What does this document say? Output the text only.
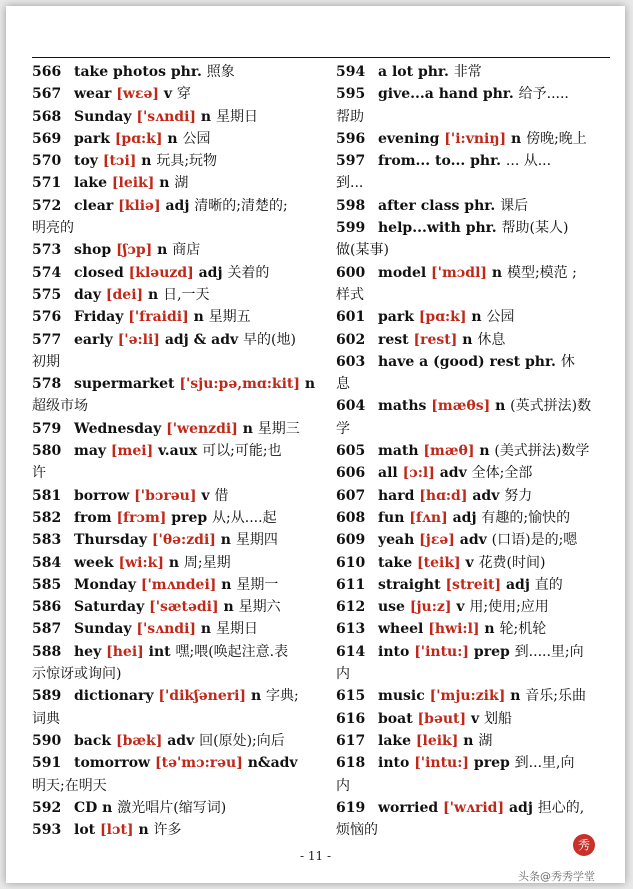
566 take photos phr. 照象
567 wear [wɛə] v 穿
568 Sunday ['sʌndi] n 星期日
569 park [pɑ:k] n 公园
570 toy [tɔi] n 玩具;玩物
571 lake [leik] n 湖
572 clear [kliə] adj 清晰的;清楚的;
明亮的
573 shop [ʃɔp] n 商店
574 closed [kləuzd] adj 关着的
575 day [dei] n 日,一天
576 Friday ['fraidi] n 星期五
577 early ['ə:li] adj & adv 早的(地)
初期
578 supermarket ['sju:pə,mɑ:kit] n
超级市场
579 Wednesday ['wenzdi] n 星期三
580 may [mei] v.aux 可以;可能;也
许
581 borrow ['bɔrəu] v 借
582 from [frɔm] prep 从;从....起
583 Thursday ['θə:zdi] n 星期四
584 week [wi:k] n 周;星期
585 Monday ['mʌndei] n 星期一
586 Saturday ['sætədi] n 星期六
587 Sunday ['sʌndi] n 星期日
588 hey [hei] int 嘿;喂(唤起注意.表
示惊讶或询问)
589 dictionary ['dikʃəneri] n 字典;
词典
590 back [bæk] adv 回(原处);向后
591 tomorrow [tə'mɔ:rəu] n&adv
明天;在明天
592 CD n 激光唱片(缩写词)
593 lot [lɔt] n 许多
594 a lot phr. 非常
595 give...a hand phr. 给予.....
帮助
596 evening ['i:vniŋ] n 傍晚;晚上
597 from... to... phr. ... 从...
到...
598 after class phr. 课后
599 help...with phr. 帮助(某人)
做(某事)
600 model ['mɔdl] n 模型;模范 ;
样式
601 park [pɑ:k] n 公园
602 rest [rest] n 休息
603 have a (good) rest phr. 休
息
604 maths [mæθs] n (英式拼法)数
学
605 math [mæθ] n (美式拼法)数学
606 all [ɔ:l] adv 全体;全部
607 hard [hɑ:d] adv 努力
608 fun [fʌn] adj 有趣的;愉快的
609 yeah [jɛə] adv (口语)是的;嗯
610 take [teik] v 花费(时间)
611 straight [streit] adj 直的
612 use [ju:z] v 用;使用;应用
613 wheel [hwi:l] n 轮;机轮
614 into ['intu:] prep 到.....里;向
内
615 music ['mju:zik] n 音乐;乐曲
616 boat [bəut] v 划船
617 lake [leik] n 湖
618 into ['intu:] prep 到...里,向
内
619 worried ['wʌrid] adj 担心的,
烦恼的
- 11 -
秀
头条@秀秀学堂
